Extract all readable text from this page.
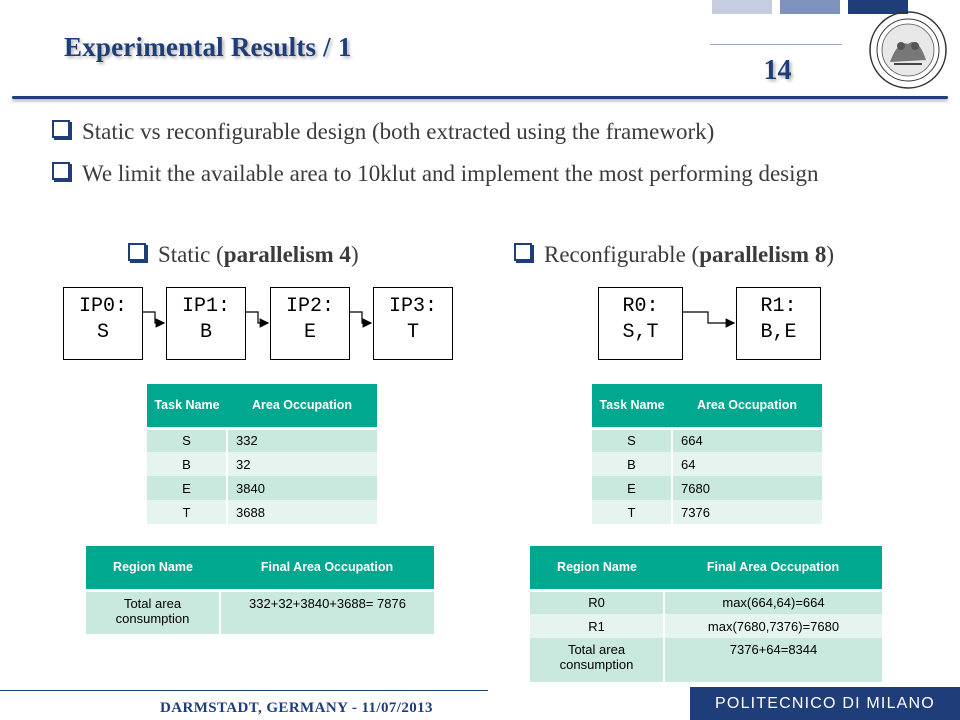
Experimental Results / 1
14
Static vs reconfigurable design (both extracted using the framework)
We limit the available area to 10klut and implement the most performing design
Static (parallelism 4)	Reconfigurable (parallelism 8)
IP0:
S
IP1:
B
IP2:
E
IP3:
T
R0:
S,T
R1:
B,E
Task Name	Area Occupation
S	332
B	32
E	3840
T	3688
Task Name	Area Occupation
S	664
B	64
E	7680
T	7376
Region Name	Final Area Occupation
Total area consumption	332+32+3840+3688= 7876
Region Name	Final Area Occupation
R0	max(664,64)=664
R1	max(7680,7376)=7680
Total area consumption	7376+64=8344
DARMSTADT, GERMANY - 11/07/2013	POLITECNICO DI MILANO
